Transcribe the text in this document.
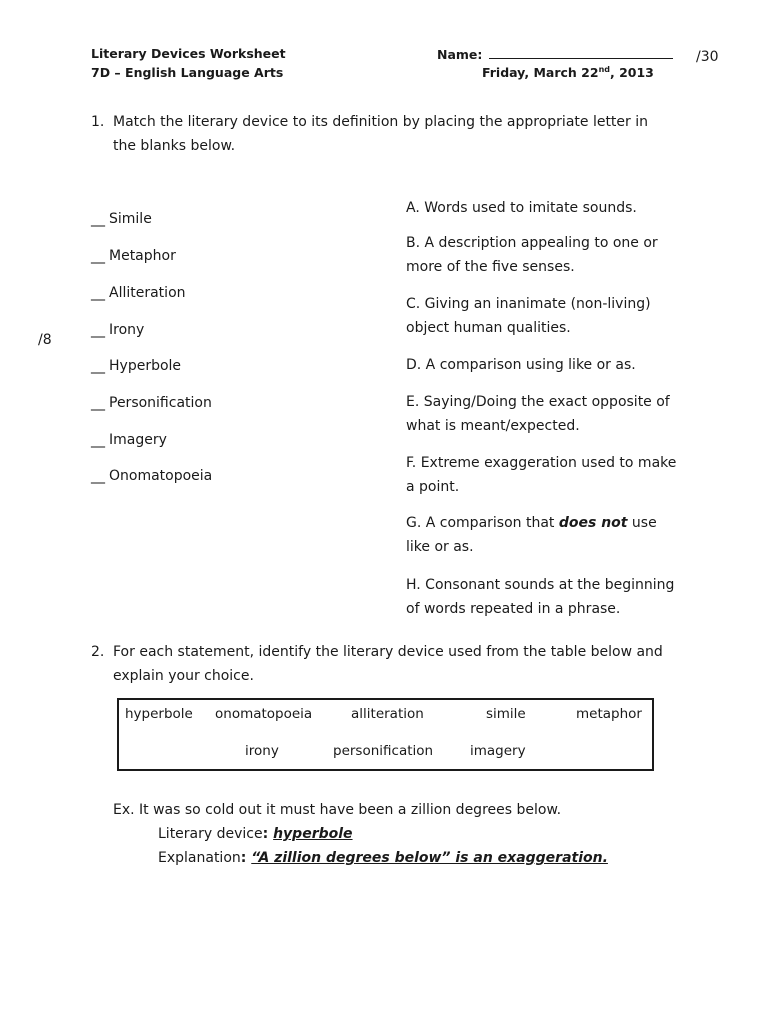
Literary Devices Worksheet
7D – English Language Arts
Name:
Friday, March 22nd, 2013
/30
1. Match the literary device to its definition by placing the appropriate letter in
the blanks below.
/8
__ Simile
__ Metaphor
__ Alliteration
__ Irony
__ Hyperbole
__ Personification
__ Imagery
__ Onomatopoeia
A. Words used to imitate sounds.
B. A description appealing to one or
more of the five senses.
C. Giving an inanimate (non-living)
object human qualities.
D. A comparison using like or as.
E. Saying/Doing the exact opposite of
what is meant/expected.
F. Extreme exaggeration used to make
a point.
G. A comparison that does not use
like or as.
H. Consonant sounds at the beginning
of words repeated in a phrase.
2. For each statement, identify the literary device used from the table below and
explain your choice.
hyperbole onomatopoeia	alliteration	simile	metaphor
irony	personification	imagery
Ex. It was so cold out it must have been a zillion degrees below.
Literary device: hyperbole
Explanation: “A zillion degrees below” is an exaggeration.
